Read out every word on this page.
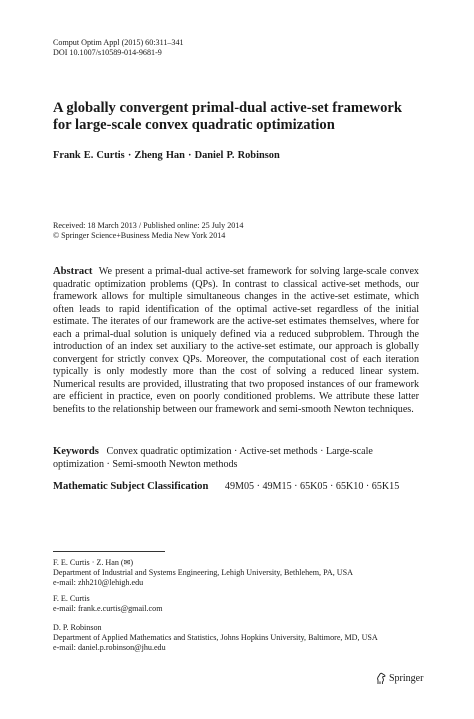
Comput Optim Appl (2015) 60:311–341
DOI 10.1007/s10589-014-9681-9
A globally convergent primal-dual active-set framework
for large-scale convex quadratic optimization
Frank E. Curtis · Zheng Han · Daniel P. Robinson
Received: 18 March 2013 / Published online: 25 July 2014
© Springer Science+Business Media New York 2014
Abstract We present a primal-dual active-set framework for solving large-scale convex quadratic optimization problems (QPs). In contrast to classical active-set methods, our framework allows for multiple simultaneous changes in the active-set estimate, which often leads to rapid identification of the optimal active-set regardless of the initial estimate. The iterates of our framework are the active-set estimates themselves, where for each a primal-dual solution is uniquely defined via a reduced subproblem. Through the introduction of an index set auxiliary to the active-set estimate, our approach is globally convergent for strictly convex QPs. Moreover, the computational cost of each iteration typically is only modestly more than the cost of solving a reduced linear system. Numerical results are provided, illustrating that two proposed instances of our framework are efficient in practice, even on poorly conditioned problems. We attribute these latter benefits to the relationship between our framework and semi-smooth Newton techniques.
Keywords Convex quadratic optimization · Active-set methods · Large-scale optimization · Semi-smooth Newton methods
Mathematic Subject Classification 49M05 · 49M15 · 65K05 · 65K10 · 65K15
F. E. Curtis · Z. Han (✉)
Department of Industrial and Systems Engineering, Lehigh University, Bethlehem, PA, USA
e-mail: zhh210@lehigh.edu
F. E. Curtis
e-mail: frank.e.curtis@gmail.com
D. P. Robinson
Department of Applied Mathematics and Statistics, Johns Hopkins University, Baltimore, MD, USA
e-mail: daniel.p.robinson@jhu.edu
Springer
